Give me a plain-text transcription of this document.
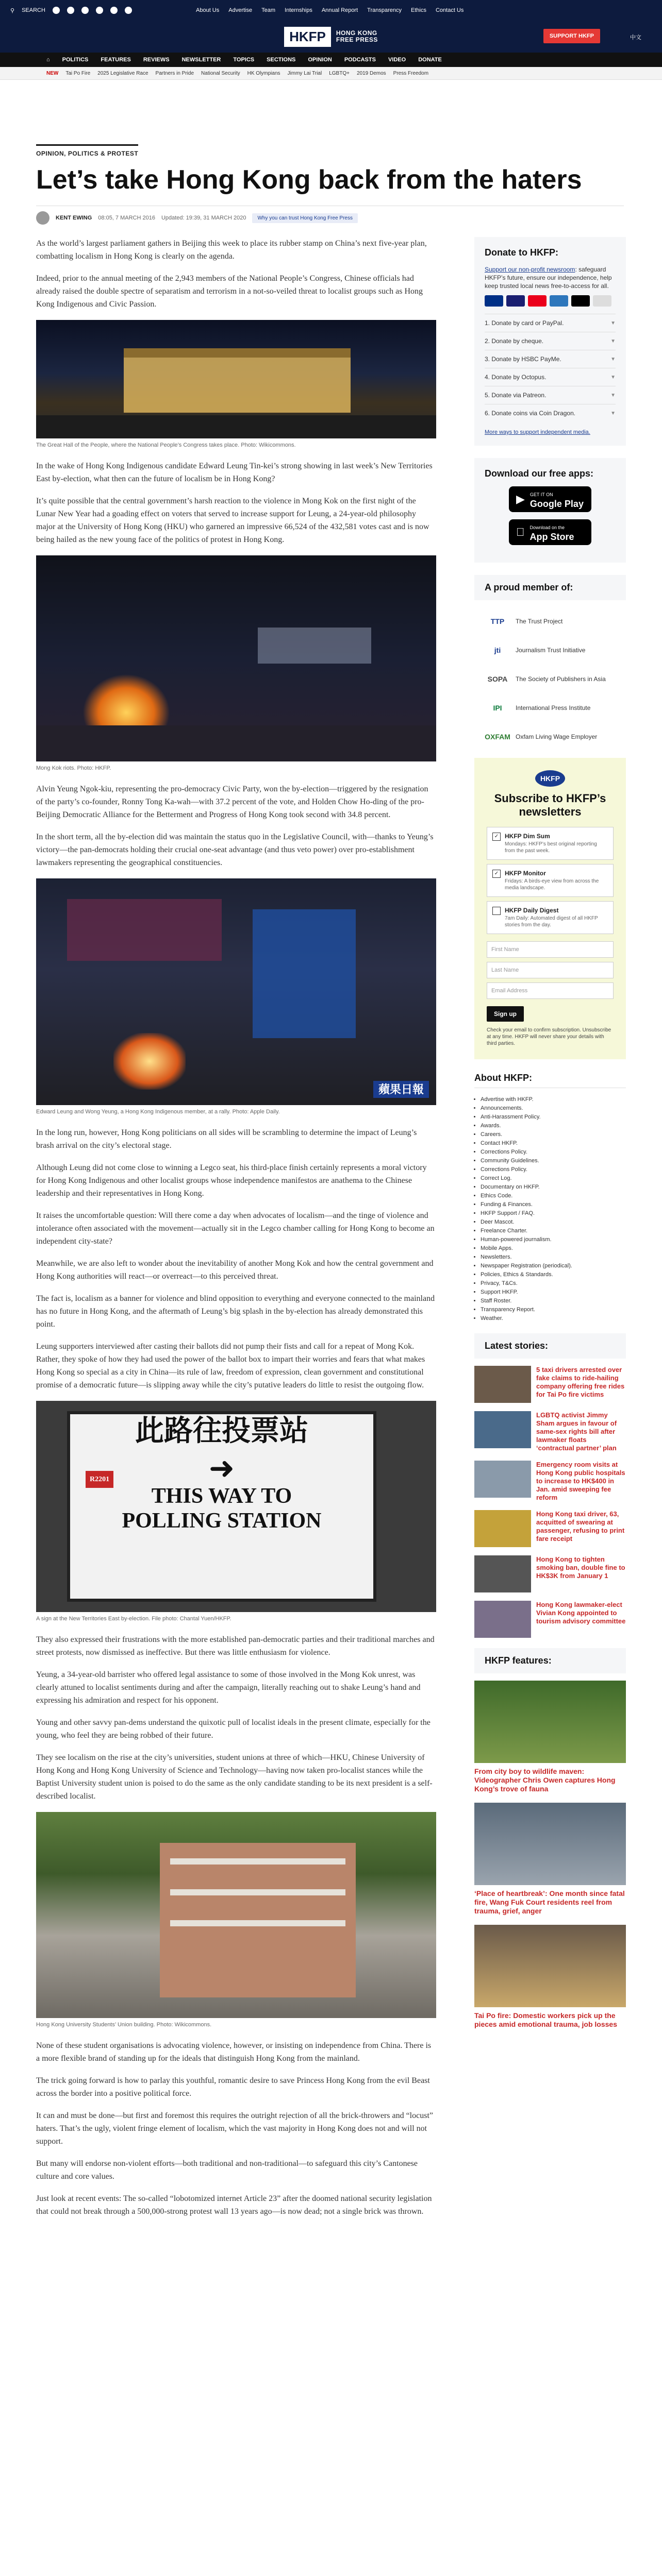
⚲ SEARCH	About Us Advertise Team Internships Annual Report Transparency Ethics Contact Us
HKFP	HONG KONG
FREE PRESS	SUPPORT HKFP	中文
⌂ POLITICS FEATURES REVIEWS NEWSLETTER TOPICS SECTIONS OPINION PODCASTS VIDEO DONATE
NEW Tai Po Fire 2025 Legislative Race Partners in Pride National Security HK Olympians Jimmy Lai Trial LGBTQ+ 2019 Demos Press Freedom
OPINION, POLITICS & PROTEST
Let’s take Hong Kong back from the haters
KENT EWING 08:05, 7 MARCH 2016 Updated: 19:39, 31 MARCH 2020	Why you can trust Hong Kong Free Press

As the world’s largest parliament gathers in Beijing this week to place its rubber stamp on China’s next five-year plan, combatting localism in Hong Kong is clearly on the agenda.

Indeed, prior to the annual meeting of the 2,943 members of the National People’s Congress, Chinese officials had already raised the double spectre of separatism and terrorism in a not-so-veiled threat to localist groups such as Hong Kong Indigenous and Civic Passion.

The Great Hall of the People, where the National People’s Congress takes place. Photo: Wikicommons.

In the wake of Hong Kong Indigenous candidate Edward Leung Tin-kei’s strong showing in last week’s New Territories East by-election, what then can the future of localism be in Hong Kong?

It’s quite possible that the central government’s harsh reaction to the violence in Mong Kok on the first night of the Lunar New Year had a goading effect on voters that served to increase support for Leung, a 24-year-old philosophy major at the University of Hong Kong (HKU) who garnered an impressive 66,524 of the 432,581 votes cast and is now being hailed as the new young face of the politics of protest in Hong Kong.

Mong Kok riots. Photo: HKFP.

Alvin Yeung Ngok-kiu, representing the pro-democracy Civic Party, won the by-election—triggered by the resignation of the party’s co-founder, Ronny Tong Ka-wah—with 37.2 percent of the vote, and Holden Chow Ho-ding of the pro-Beijing Democratic Alliance for the Betterment and Progress of Hong Kong took second with 34.8 percent.

In the short term, all the by-election did was maintain the status quo in the Legislative Council, with—thanks to Yeung’s victory—the pan-democrats holding their crucial one-seat advantage (and thus veto power) over pro-establishment lawmakers representing the geographical constituencies.

蘋果日報
Edward Leung and Wong Yeung, a Hong Kong Indigenous member, at a rally. Photo: Apple Daily.

In the long run, however, Hong Kong politicians on all sides will be scrambling to determine the impact of Leung’s brash arrival on the city’s electoral stage.

Although Leung did not come close to winning a Legco seat, his third-place finish certainly represents a moral victory for Hong Kong Indigenous and other localist groups whose independence manifestos are anathema to the Chinese leadership and their representatives in Hong Kong.

It raises the uncomfortable question: Will there come a day when advocates of localism—and the tinge of violence and intolerance often associated with the movement—actually sit in the Legco chamber calling for Hong Kong to become an independent city-state?

Meanwhile, we are also left to wonder about the inevitability of another Mong Kok and how the central government and Hong Kong authorities will react—or overreact—to this perceived threat.

The fact is, localism as a banner for violence and blind opposition to everything and everyone connected to the mainland has no future in Hong Kong, and the aftermath of Leung’s big splash in the by-election has already demonstrated this point.

Leung supporters interviewed after casting their ballots did not pump their fists and call for a repeat of Mong Kok. Rather, they spoke of how they had used the power of the ballot box to impart their worries and fears that what makes Hong Kong so special as a city in China—its rule of law, freedom of expression, clean government and constitutional promise of a democratic future—is slipping away while the city’s putative leaders do little to resist the outgoing flow.

此路往投票站
R2201	➜
THIS WAY TO
POLLING STATION
A sign at the New Territories East by-election. File photo: Chantal Yuen/HKFP.

They also expressed their frustrations with the more established pan-democratic parties and their traditional marches and street protests, now dismissed as ineffective. But there was little enthusiasm for violence.

Yeung, a 34-year-old barrister who offered legal assistance to some of those involved in the Mong Kok unrest, was clearly attuned to localist sentiments during and after the campaign, literally reaching out to shake Leung’s hand and expressing his admiration and respect for his opponent.

Young and other savvy pan-dems understand the quixotic pull of localist ideals in the present climate, especially for the young, who feel they are being robbed of their future.

They see localism on the rise at the city’s universities, student unions at three of which—HKU, Chinese University of Hong Kong and Hong Kong University of Science and Technology—having now taken pro-localist stances while the Baptist University student union is poised to do the same as the only candidate standing to be its next president is a self-described localist.

Hong Kong University Students’ Union building. Photo: Wikicommons.

None of these student organisations is advocating violence, however, or insisting on independence from China. There is a more flexible brand of standing up for the ideals that distinguish Hong Kong from the mainland.

The trick going forward is how to parlay this youthful, romantic desire to save Princess Hong Kong from the evil Beast across the border into a positive political force.

It can and must be done—but first and foremost this requires the outright rejection of all the brick-throwers and “locust” haters. That’s the ugly, violent fringe element of localism, which the vast majority in Hong Kong does not and will not support.

But many will endorse non-violent efforts—both traditional and non-traditional—to safeguard this city’s Cantonese culture and core values.

Just look at recent events: The so-called “lobotomized internet Article 23” after the doomed national security legislation that could not break through a 500,000-strong protest wall 13 years ago—is now dead; not a single brick was thrown.

Donate to HKFP:
Support our non-profit newsroom: safeguard HKFP’s future, ensure our independence, help keep trusted local news free-to-access for all.
1. Donate by card or PayPal.	▼
2. Donate by cheque.	▼
3. Donate by HSBC PayMe.	▼
4. Donate by Octopus.	▼
5. Donate via Patreon.	▼
6. Donate coins via Coin Dragon.	▼
More ways to support independent media.
Download our free apps:
▶ GET IT ON
Google Play
Download on the
App Store
A proud member of:
TTP	The Trust Project
jti	Journalism Trust Initiative
SOPA	The Society of Publishers in Asia
IPI	International Press Institute
OXFAM Oxfam Living Wage Employer
HKFP
Subscribe to HKFP’s newsletters
✓ HKFP Dim Sum
Mondays: HKFP’s best original reporting from the past week.
✓ HKFP Monitor
Fridays: A birds-eye view from across the media landscape.
HKFP Daily Digest
7am Daily: Automated digest of all HKFP stories from the day.
First Name
Last Name
Email Address
Sign up
Check your email to confirm subscription. Unsubscribe at any time. HKFP will never share your details with third parties.
About HKFP:
• Advertise with HKFP.
• Announcements.
• Anti-Harassment Policy.
• Awards.
• Careers.
• Contact HKFP.
• Corrections Policy.
• Community Guidelines.
• Corrections Policy.
• Correct Log.
• Documentary on HKFP.
• Ethics Code.
• Funding & Finances.
• HKFP Support / FAQ.
• Deer Mascot.
• Freelance Charter.
• Human-powered journalism.
• Mobile Apps.
• Newsletters.
• Newspaper Registration (periodical).
• Policies, Ethics & Standards.
• Privacy, T&Cs.
• Support HKFP.
• Staff Roster.
• Transparency Report.
• Weather.
Latest stories:
5 taxi drivers arrested over fake claims to ride-hailing company offering free rides for Tai Po fire victims
LGBTQ activist Jimmy Sham argues in favour of same-sex rights bill after lawmaker floats ‘contractual partner’ plan
Emergency room visits at Hong Kong public hospitals to increase to HK$400 in Jan. amid sweeping fee reform
Hong Kong taxi driver, 63, acquitted of swearing at passenger, refusing to print fare receipt
Hong Kong to tighten smoking ban, double fine to HK$3K from January 1
Hong Kong lawmaker-elect Vivian Kong appointed to tourism advisory committee
HKFP features:
From city boy to wildlife maven: Videographer Chris Owen captures Hong Kong’s trove of fauna
‘Place of heartbreak’: One month since fatal fire, Wang Fuk Court residents reel from trauma, grief, anger
Tai Po fire: Domestic workers pick up the pieces amid emotional trauma, job losses
